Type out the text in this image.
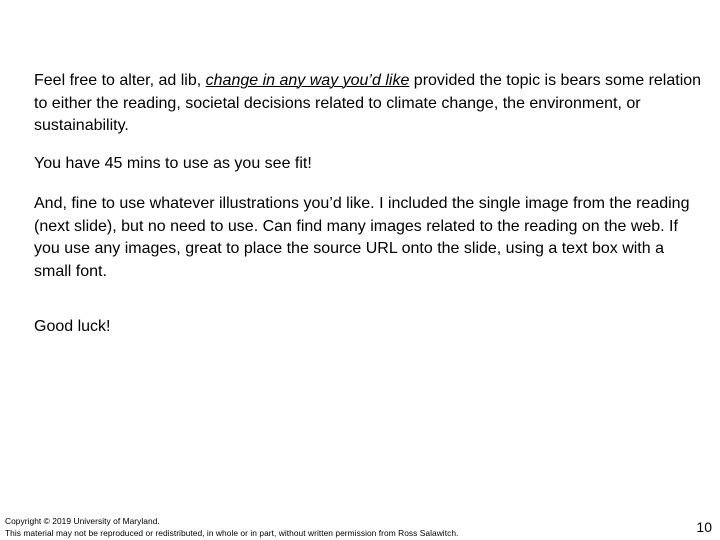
Feel free to alter, ad lib, change in any way you’d like provided the topic is bears some relation to either the reading, societal decisions related to climate change, the environment, or sustainability.

You have 45 mins to use as you see fit!

And, fine to use whatever illustrations you’d like. I included the single image from the reading (next slide), but no need to use. Can find many images related to the reading on the web. If you use any images, great to place the source URL onto the slide, using a text box with a small font.

Good luck!

Copyright © 2019 University of Maryland.
This material may not be reproduced or redistributed, in whole or in part, without written permission from Ross Salawitch.	10
